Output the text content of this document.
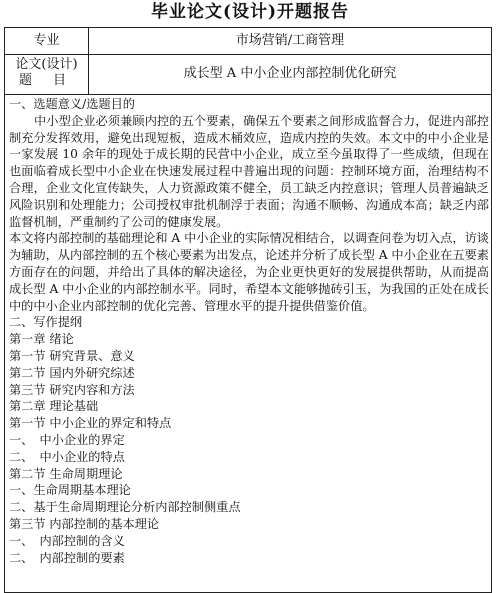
毕业论文(设计)开题报告
专业	市场营销/工商管理
论文(设计)
题　目	成长型 A 中小企业内部控制优化研究

一、选题意义/选题目的

中小型企业必须兼顾内控的五个要素，确保五个要素之间形成监督合力，促进内部控制充分发挥效用，避免出现短板，造成木桶效应，造成内控的失效。本文中的中小企业是一家发展 10 余年的现处于成长期的民营中小企业，成立至今虽取得了一些成绩，但现在也面临着成长型中小企业在快速发展过程中普遍出现的问题：控制环境方面，治理结构不合理，企业文化宣传缺失，人力资源政策不健全，员工缺乏内控意识；管理人员普遍缺乏风险识别和处理能力；公司授权审批机制浮于表面；沟通不顺畅、沟通成本高；缺乏内部监督机制，严重制约了公司的健康发展。

本文将内部控制的基础理论和 A 中小企业的实际情况相结合，以调查问卷为切入点，访谈为辅助，从内部控制的五个核心要素为出发点，论述并分析了成长型 A 中小企业在五要素方面存在的问题，并给出了具体的解决途径，为企业更快更好的发展提供帮助，从而提高成长型 A 中小企业的内部控制水平。同时，希望本文能够抛砖引玉，为我国的正处在成长中的中小企业内部控制的优化完善、管理水平的提升提供借鉴价值。

二、写作提纲

第一章 绪论

第一节 研究背景、意义

第二节 国内外研究综述

第三节 研究内容和方法

第二章 理论基础

第一节 中小企业的界定和特点

一、　中小企业的界定

二、　中小企业的特点

第二节 生命周期理论

一、生命周期基本理论

二、基于生命周期理论分析内部控制侧重点

第三节 内部控制的基本理论

一、　内部控制的含义

二、　内部控制的要素
